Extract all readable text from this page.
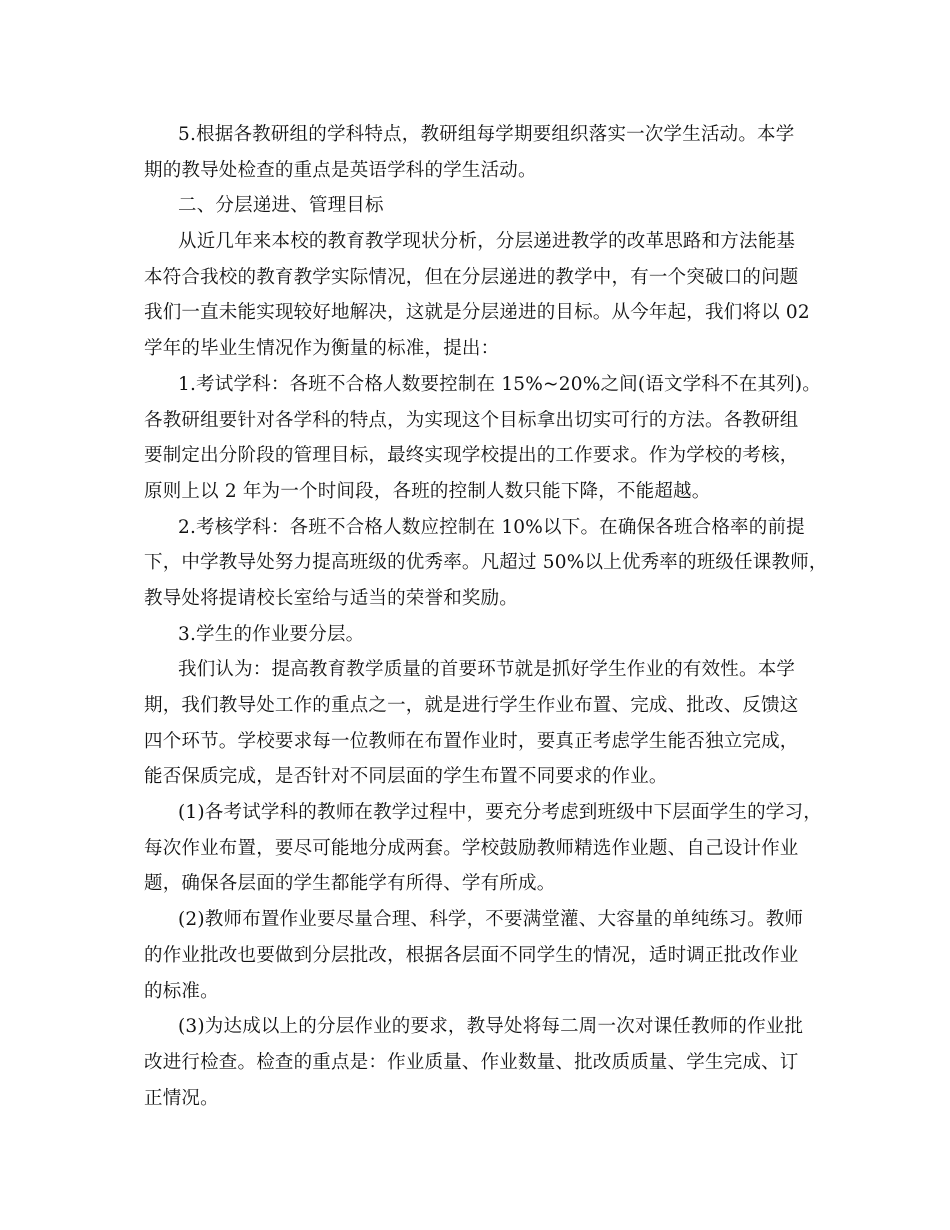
5.根据各教研组的学科特点，教研组每学期要组织落实一次学生活动。本学
期的教导处检查的重点是英语学科的学生活动。
二、分层递进、管理目标
从近几年来本校的教育教学现状分析，分层递进教学的改革思路和方法能基
本符合我校的教育教学实际情况，但在分层递进的教学中，有一个突破口的问题
我们一直未能实现较好地解决，这就是分层递进的目标。从今年起，我们将以 02
学年的毕业生情况作为衡量的标准，提出：
1.考试学科：各班不合格人数要控制在 15%~20%之间(语文学科不在其列)。
各教研组要针对各学科的特点，为实现这个目标拿出切实可行的方法。各教研组
要制定出分阶段的管理目标，最终实现学校提出的工作要求。作为学校的考核，
原则上以 2 年为一个时间段，各班的控制人数只能下降，不能超越。
2.考核学科：各班不合格人数应控制在 10%以下。在确保各班合格率的前提
下，中学教导处努力提高班级的优秀率。凡超过 50%以上优秀率的班级任课教师，
教导处将提请校长室给与适当的荣誉和奖励。
3.学生的作业要分层。
我们认为：提高教育教学质量的首要环节就是抓好学生作业的有效性。本学
期，我们教导处工作的重点之一，就是进行学生作业布置、完成、批改、反馈这
四个环节。学校要求每一位教师在布置作业时，要真正考虑学生能否独立完成，
能否保质完成，是否针对不同层面的学生布置不同要求的作业。
(1)各考试学科的教师在教学过程中，要充分考虑到班级中下层面学生的学习，
每次作业布置，要尽可能地分成两套。学校鼓励教师精选作业题、自己设计作业
题，确保各层面的学生都能学有所得、学有所成。
(2)教师布置作业要尽量合理、科学，不要满堂灌、大容量的单纯练习。教师
的作业批改也要做到分层批改，根据各层面不同学生的情况，适时调正批改作业
的标准。
(3)为达成以上的分层作业的要求，教导处将每二周一次对课任教师的作业批
改进行检查。检查的重点是：作业质量、作业数量、批改质质量、学生完成、订
正情况。
